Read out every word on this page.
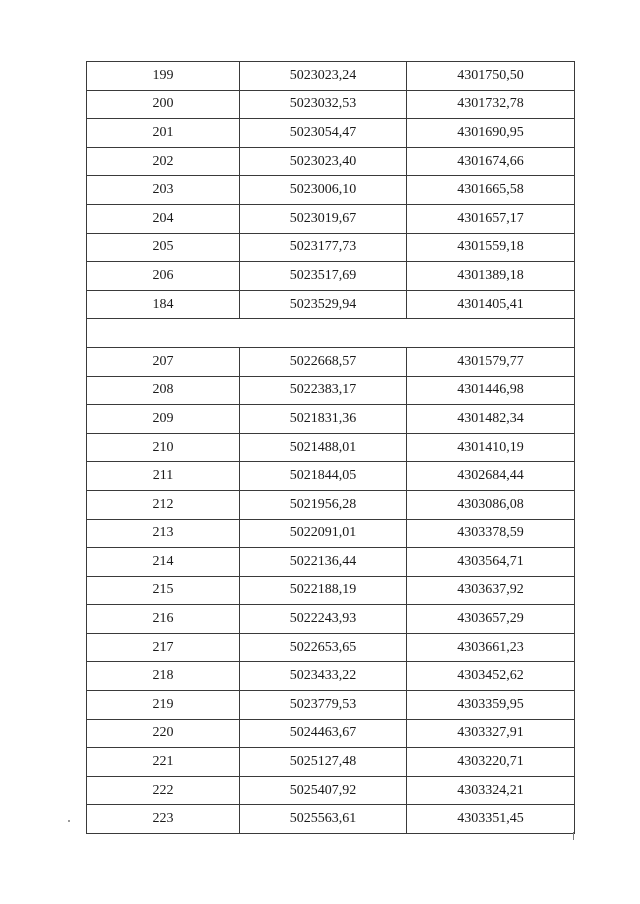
199	5023023,24	4301750,50
200	5023032,53	4301732,78
201	5023054,47	4301690,95
202	5023023,40	4301674,66
203	5023006,10	4301665,58
204	5023019,67	4301657,17
205	5023177,73	4301559,18
206	5023517,69	4301389,18
184	5023529,94	4301405,41

207	5022668,57	4301579,77
208	5022383,17	4301446,98
209	5021831,36	4301482,34
210	5021488,01	4301410,19
211	5021844,05	4302684,44
212	5021956,28	4303086,08
213	5022091,01	4303378,59
214	5022136,44	4303564,71
215	5022188,19	4303637,92
216	5022243,93	4303657,29
217	5022653,65	4303661,23
218	5023433,22	4303452,62
219	5023779,53	4303359,95
220	5024463,67	4303327,91
221	5025127,48	4303220,71
222	5025407,92	4303324,21
223	5025563,61	4303351,45
